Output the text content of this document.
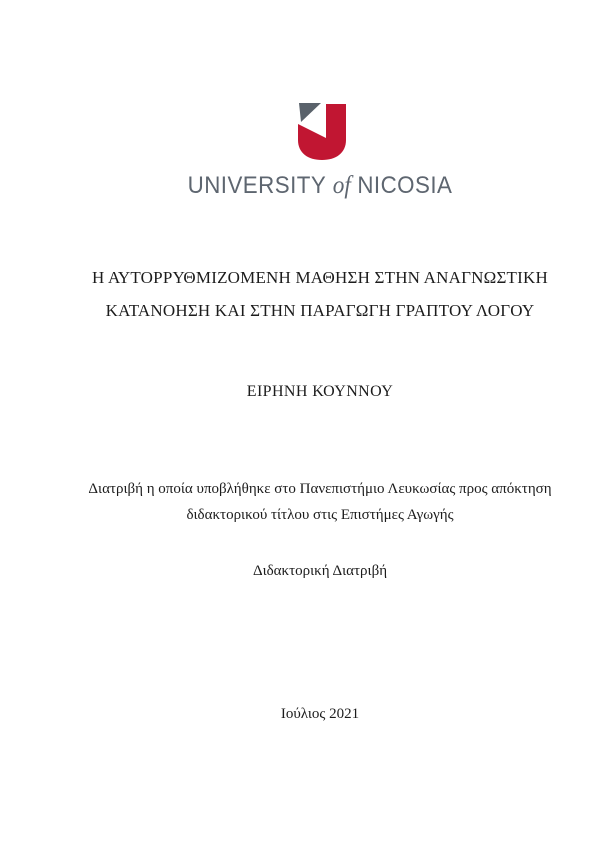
UNIVERSITY of NICOSIA
Η ΑΥΤΟΡΡΥΘΜΙΖΟΜΕΝΗ ΜΑΘΗΣΗ ΣΤΗΝ ΑΝΑΓΝΩΣΤΙΚΗ
ΚΑΤΑΝΟΗΣΗ ΚΑΙ ΣΤΗΝ ΠΑΡΑΓΩΓΗ ΓΡΑΠΤΟΥ ΛΟΓΟΥ
ΕΙΡΗΝΗ ΚΟΥΝΝΟΥ
Διατριβή η οποία υποβλήθηκε στο Πανεπιστήμιο Λευκωσίας προς απόκτηση
διδακτορικού τίτλου στις Επιστήμες Αγωγής
Διδακτορική Διατριβή
Ιούλιος 2021
